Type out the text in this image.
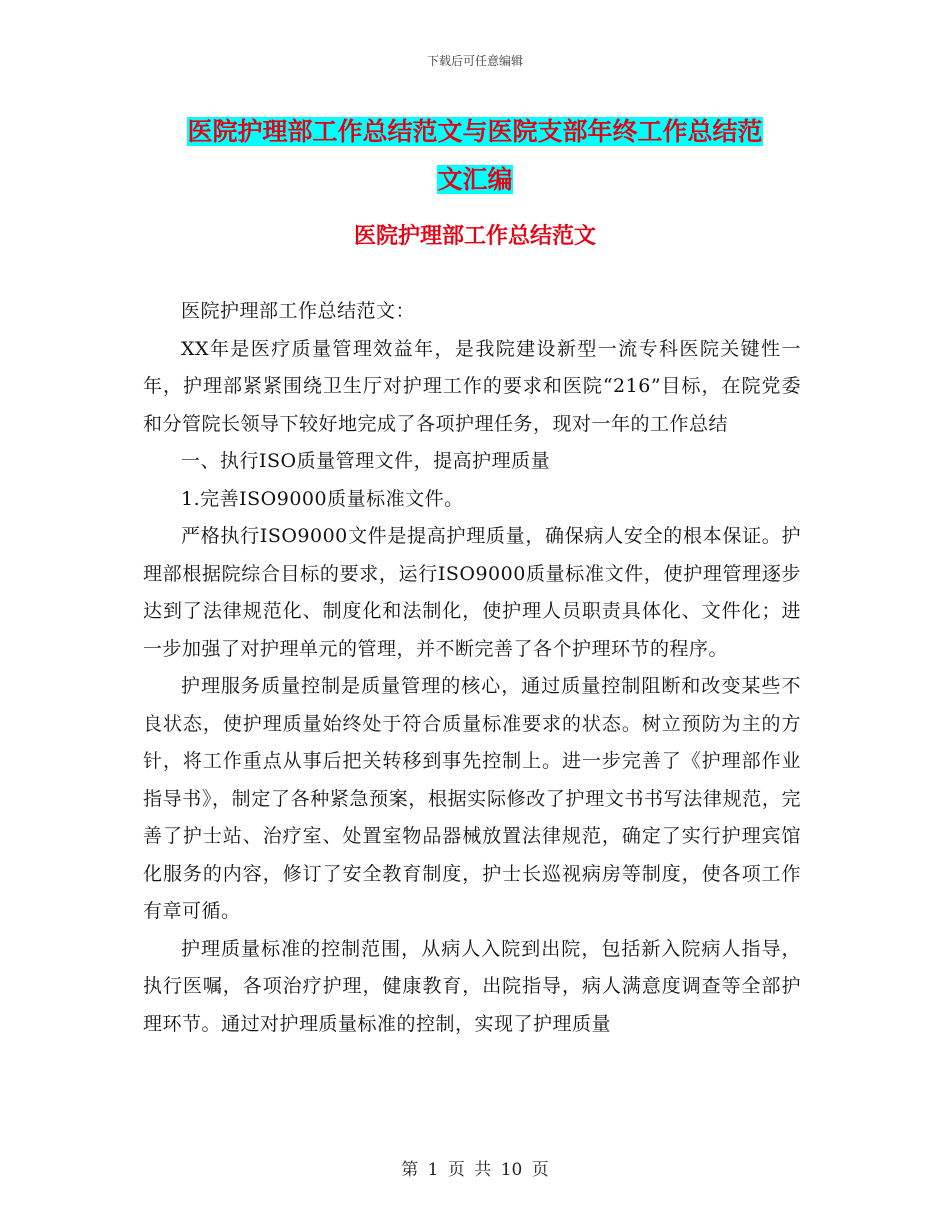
下载后可任意编辑
医院护理部工作总结范文与医院支部年终工作总结范
文汇编
医院护理部工作总结范文

医院护理部工作总结范文：

XX年是医疗质量管理效益年，是我院建设新型一流专科医院关键性一年，护理部紧紧围绕卫生厅对护理工作的要求和医院“216”目标，在院党委和分管院长领导下较好地完成了各项护理任务，现对一年的工作总结

一、执行ISO质量管理文件，提高护理质量

1.完善ISO9000质量标准文件。

严格执行ISO9000文件是提高护理质量，确保病人安全的根本保证。护理部根据院综合目标的要求，运行ISO9000质量标准文件，使护理管理逐步达到了法律规范化、制度化和法制化，使护理人员职责具体化、文件化；进一步加强了对护理单元的管理，并不断完善了各个护理环节的程序。

护理服务质量控制是质量管理的核心，通过质量控制阻断和改变某些不良状态，使护理质量始终处于符合质量标准要求的状态。树立预防为主的方针，将工作重点从事后把关转移到事先控制上。进一步完善了《护理部作业指导书》，制定了各种紧急预案，根据实际修改了护理文书书写法律规范，完善了护士站、治疗室、处置室物品器械放置法律规范，确定了实行护理宾馆化服务的内容，修订了安全教育制度，护士长巡视病房等制度，使各项工作有章可循。

护理质量标准的控制范围，从病人入院到出院，包括新入院病人指导，执行医嘱，各项治疗护理，健康教育，出院指导，病人满意度调查等全部护理环节。通过对护理质量标准的控制，实现了护理质量

第 1 页 共 10 页
